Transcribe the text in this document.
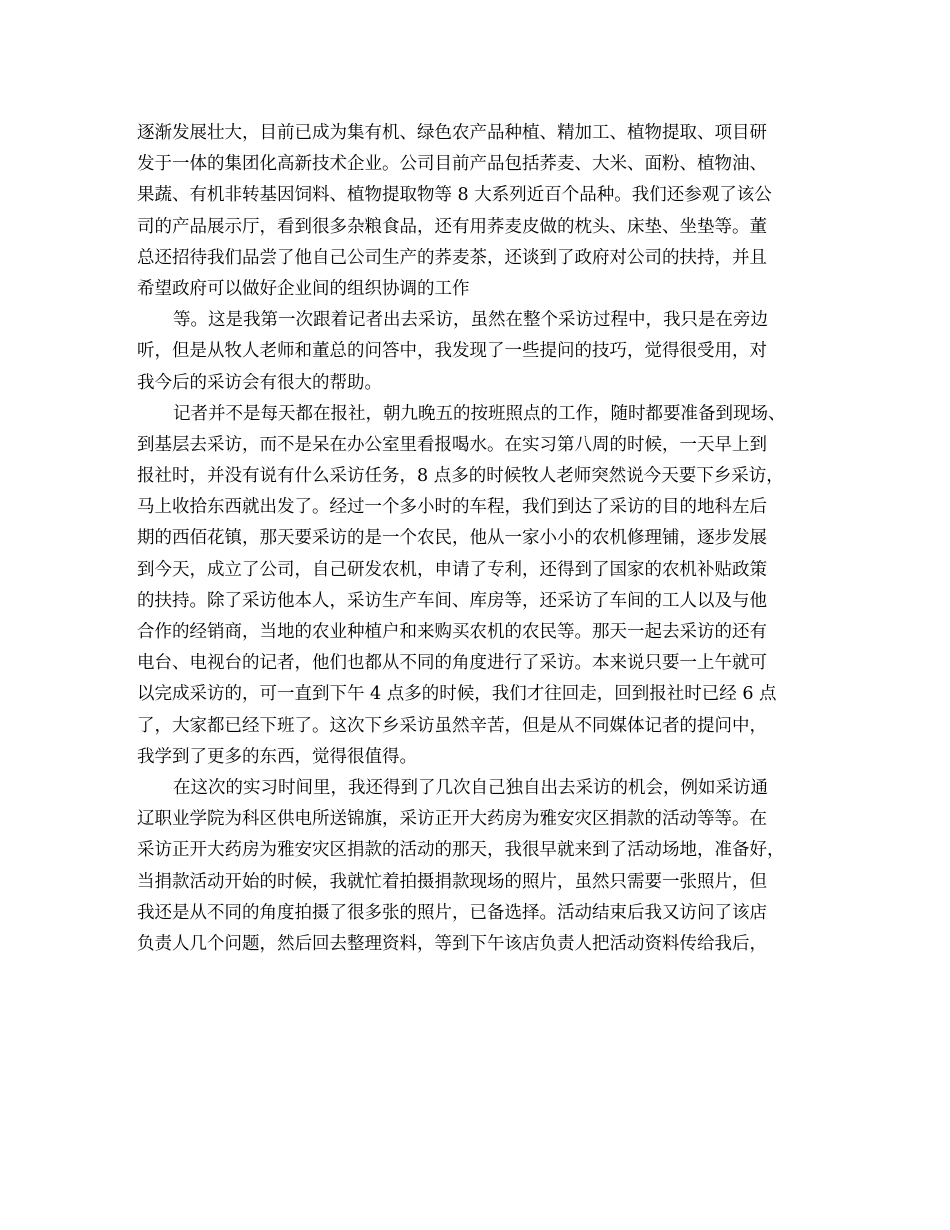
逐渐发展壮大，目前已成为集有机、绿色农产品种植、精加工、植物提取、项目研
发于一体的集团化高新技术企业。公司目前产品包括荞麦、大米、面粉、植物油、
果蔬、有机非转基因饲料、植物提取物等 8 大系列近百个品种。我们还参观了该公
司的产品展示厅，看到很多杂粮食品，还有用荞麦皮做的枕头、床垫、坐垫等。董
总还招待我们品尝了他自己公司生产的荞麦茶，还谈到了政府对公司的扶持，并且
希望政府可以做好企业间的组织协调的工作
等。这是我第一次跟着记者出去采访，虽然在整个采访过程中，我只是在旁边
听，但是从牧人老师和董总的问答中，我发现了一些提问的技巧，觉得很受用，对
我今后的采访会有很大的帮助。
记者并不是每天都在报社，朝九晚五的按班照点的工作，随时都要准备到现场、
到基层去采访，而不是呆在办公室里看报喝水。在实习第八周的时候，一天早上到
报社时，并没有说有什么采访任务，8 点多的时候牧人老师突然说今天要下乡采访，
马上收拾东西就出发了。经过一个多小时的车程，我们到达了采访的目的地科左后
期的西佰花镇，那天要采访的是一个农民，他从一家小小的农机修理铺，逐步发展
到今天，成立了公司，自己研发农机，申请了专利，还得到了国家的农机补贴政策
的扶持。除了采访他本人，采访生产车间、库房等，还采访了车间的工人以及与他
合作的经销商，当地的农业种植户和来购买农机的农民等。那天一起去采访的还有
电台、电视台的记者，他们也都从不同的角度进行了采访。本来说只要一上午就可
以完成采访的，可一直到下午 4 点多的时候，我们才往回走，回到报社时已经 6 点
了，大家都已经下班了。这次下乡采访虽然辛苦，但是从不同媒体记者的提问中，
我学到了更多的东西，觉得很值得。
在这次的实习时间里，我还得到了几次自己独自出去采访的机会，例如采访通
辽职业学院为科区供电所送锦旗，采访正开大药房为雅安灾区捐款的活动等等。在
采访正开大药房为雅安灾区捐款的活动的那天，我很早就来到了活动场地，准备好，
当捐款活动开始的时候，我就忙着拍摄捐款现场的照片，虽然只需要一张照片，但
我还是从不同的角度拍摄了很多张的照片，已备选择。活动结束后我又访问了该店
负责人几个问题，然后回去整理资料，等到下午该店负责人把活动资料传给我后，
